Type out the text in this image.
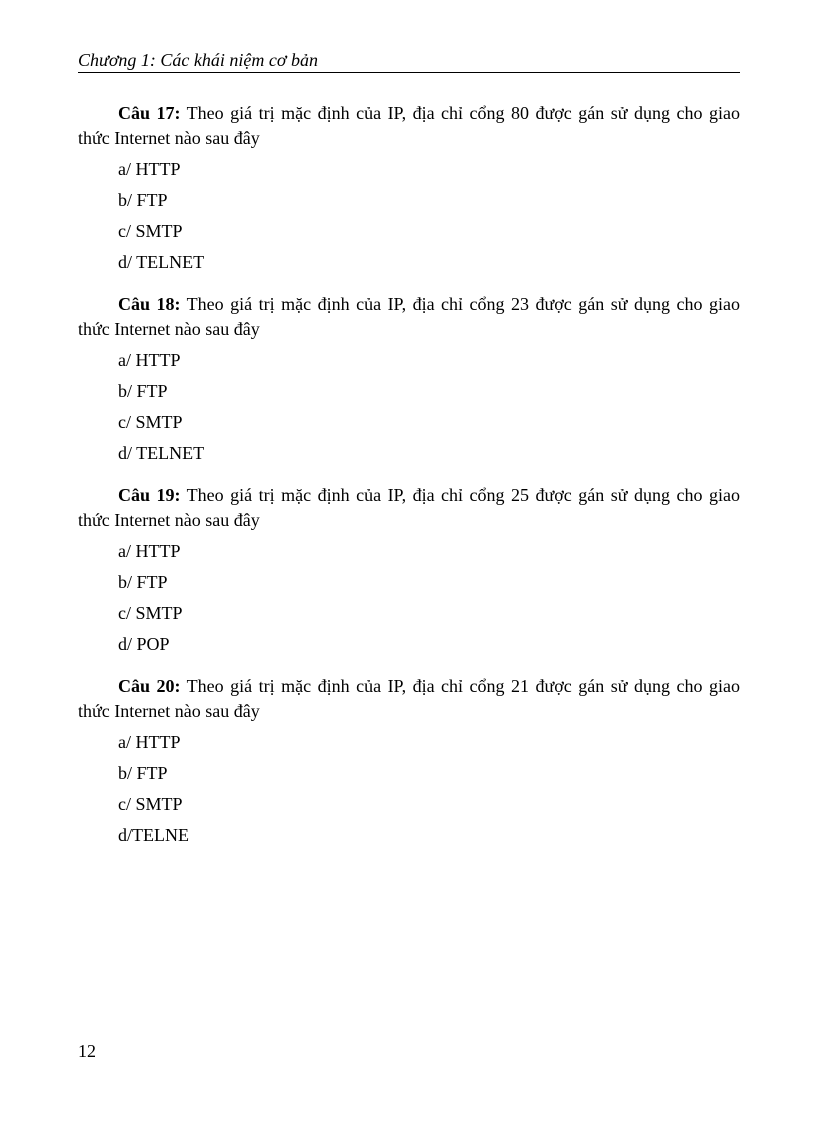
Chương 1: Các khái niệm cơ bản

Câu 17: Theo giá trị mặc định của IP, địa chỉ cổng 80 được gán sử dụng cho giao thức Internet nào sau đây

a/ HTTP
b/ FTP
c/ SMTP
d/ TELNET

Câu 18: Theo giá trị mặc định của IP, địa chỉ cổng 23 được gán sử dụng cho giao thức Internet nào sau đây

a/ HTTP
b/ FTP
c/ SMTP
d/ TELNET

Câu 19: Theo giá trị mặc định của IP, địa chỉ cổng 25 được gán sử dụng cho giao thức Internet nào sau đây

a/ HTTP
b/ FTP
c/ SMTP
d/ POP

Câu 20: Theo giá trị mặc định của IP, địa chỉ cổng 21 được gán sử dụng cho giao thức Internet nào sau đây

a/ HTTP
b/ FTP
c/ SMTP
d/TELNE
12
